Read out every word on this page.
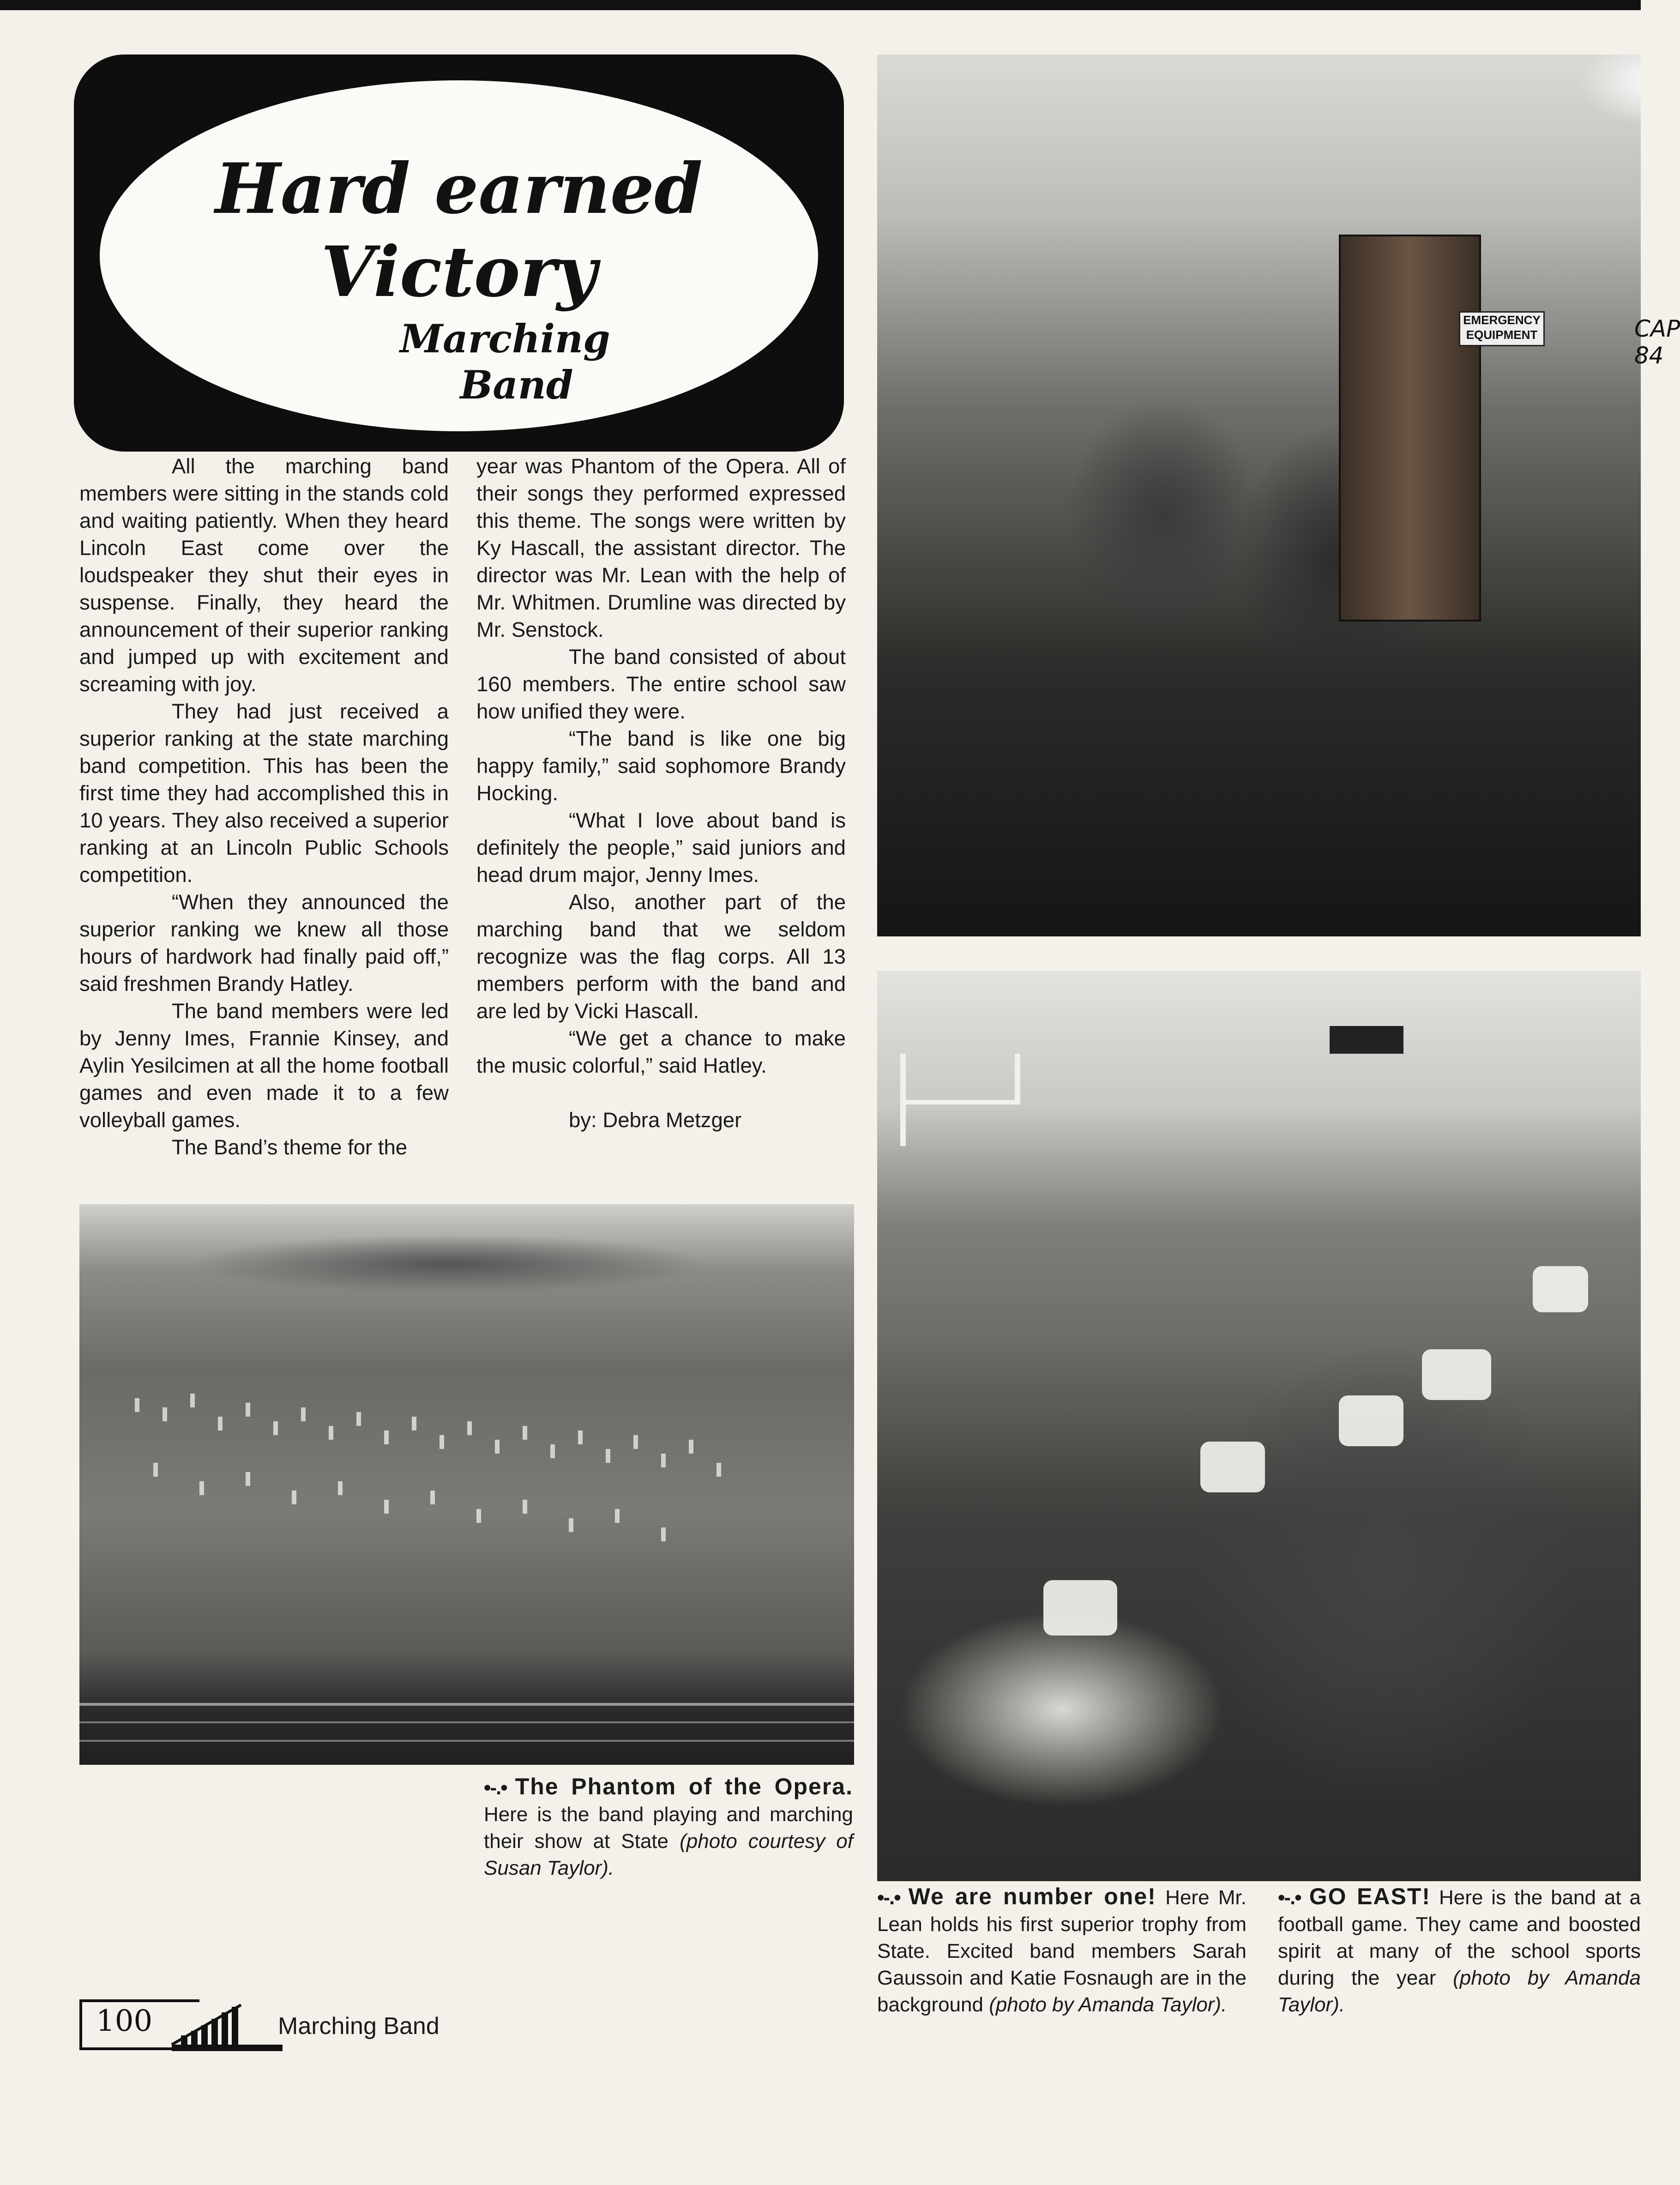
Hard earned
Victory
Marching
Band

All the marching band members were sitting in the stands cold and waiting patiently. When they heard Lincoln East come over the loudspeaker they shut their eyes in suspense. Finally, they heard the announcement of their superior ranking and jumped up with excitement and screaming with joy.

They had just received a superior ranking at the state marching band competition. This has been the first time they had accomplished this in 10 years. They also received a superior ranking at an Lincoln Public Schools competition.

“When they announced the superior ranking we knew all those hours of hardwork had finally paid off,” said freshmen Brandy Hatley.

The band members were led by Jenny Imes, Frannie Kinsey, and Aylin Yesilcimen at all the home football games and even made it to a few volleyball games.

The Band’s theme for the

year was Phantom of the Opera. All of their songs they performed expressed this theme. The songs were written by Ky Hascall, the assistant director. The director was Mr. Lean with the help of Mr. Whitmen. Drumline was directed by Mr. Senstock.

The band consisted of about 160 members. The entire school saw how unified they were.

“The band is like one big happy family,” said sophomore Brandy Hocking.

“What I love about band is definitely the people,” said juniors and head drum major, Jenny Imes.

Also, another part of the marching band that we seldom recognize was the flag corps. All 13 members perform with the band and are led by Vicki Hascall.

“We get a chance to make the music colorful,” said Hatley.

by: Debra Metzger

EMERGENCY EQUIPMENT	CAP 84
•-.• The Phantom of the Opera. Here is the band playing and marching their show at State (photo courtesy of Susan Taylor).
•-.• We are number one! Here Mr. Lean holds his first superior trophy from State. Excited band members Sarah Gaussoin and Katie Fosnaugh are in the background (photo by Amanda Taylor).
•-.• GO EAST! Here is the band at a football game. They came and boosted spirit at many of the school sports during the year (photo by Amanda Taylor).
100	Marching Band
